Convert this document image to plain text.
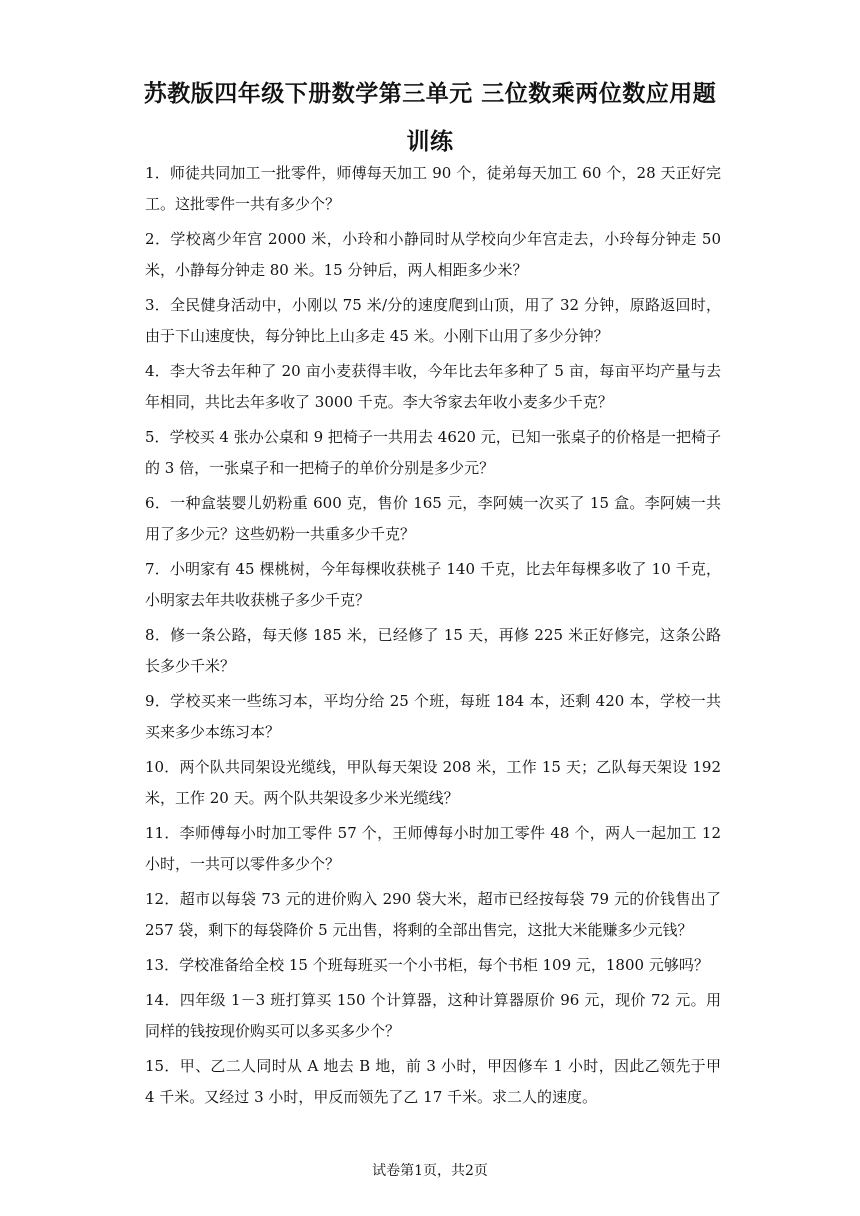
苏教版四年级下册数学第三单元 三位数乘两位数应用题训练

1．师徒共同加工一批零件，师傅每天加工 90 个，徒弟每天加工 60 个，28 天正好完工。这批零件一共有多少个？

2．学校离少年宫 2000 米，小玲和小静同时从学校向少年宫走去，小玲每分钟走 50 米，小静每分钟走 80 米。15 分钟后，两人相距多少米？

3．全民健身活动中，小刚以 75 米/分的速度爬到山顶，用了 32 分钟，原路返回时，由于下山速度快，每分钟比上山多走 45 米。小刚下山用了多少分钟？

4．李大爷去年种了 20 亩小麦获得丰收，今年比去年多种了 5 亩，每亩平均产量与去年相同，共比去年多收了 3000 千克。李大爷家去年收小麦多少千克？

5．学校买 4 张办公桌和 9 把椅子一共用去 4620 元，已知一张桌子的价格是一把椅子的 3 倍，一张桌子和一把椅子的单价分别是多少元？

6．一种盒装婴儿奶粉重 600 克，售价 165 元，李阿姨一次买了 15 盒。李阿姨一共用了多少元？这些奶粉一共重多少千克？

7．小明家有 45 棵桃树，今年每棵收获桃子 140 千克，比去年每棵多收了 10 千克，小明家去年共收获桃子多少千克？

8．修一条公路，每天修 185 米，已经修了 15 天，再修 225 米正好修完，这条公路长多少千米？

9．学校买来一些练习本，平均分给 25 个班，每班 184 本，还剩 420 本，学校一共买来多少本练习本？

10．两个队共同架设光缆线，甲队每天架设 208 米，工作 15 天；乙队每天架设 192 米，工作 20 天。两个队共架设多少米光缆线？

11．李师傅每小时加工零件 57 个，王师傅每小时加工零件 48 个，两人一起加工 12 小时，一共可以零件多少个？

12．超市以每袋 73 元的进价购入 290 袋大米，超市已经按每袋 79 元的价钱售出了 257 袋，剩下的每袋降价 5 元出售，将剩的全部出售完，这批大米能赚多少元钱？

13．学校准备给全校 15 个班每班买一个小书柜，每个书柜 109 元，1800 元够吗？

14．四年级 1－3 班打算买 150 个计算器，这种计算器原价 96 元，现价 72 元。用同样的钱按现价购买可以多买多少个？

15．甲、乙二人同时从 A 地去 B 地，前 3 小时，甲因修车 1 小时，因此乙领先于甲 4 千米。又经过 3 小时，甲反而领先了乙 17 千米。求二人的速度。

试卷第1页，共2页
